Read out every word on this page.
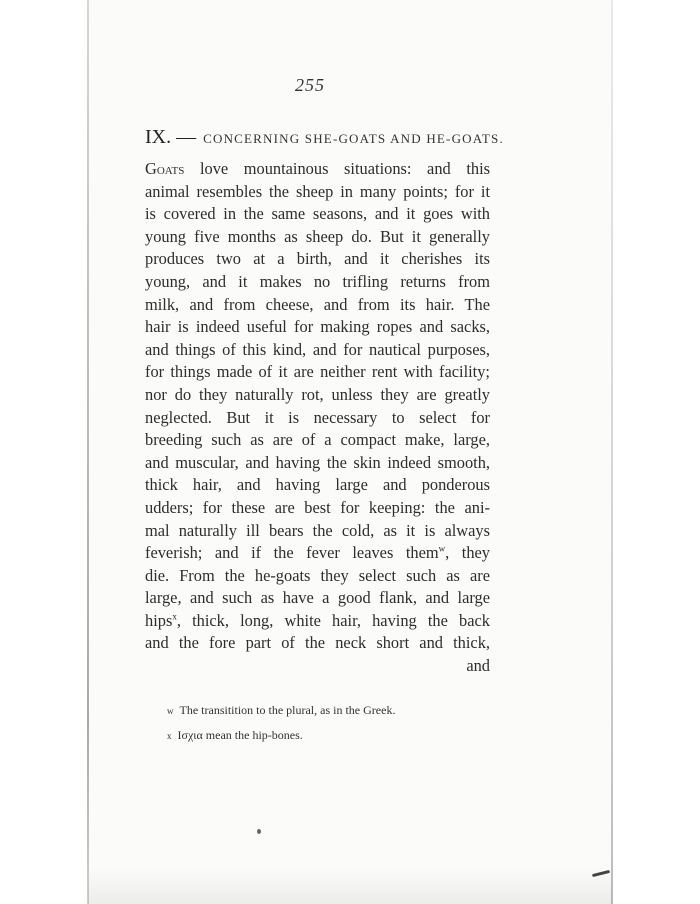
255
IX. — CONCERNING SHE-GOATS AND HE-GOATS.
Goats love mountainous situations: and this
animal resembles the sheep in many points; for it
is covered in the same seasons, and it goes with
young five months as sheep do. But it generally
produces two at a birth, and it cherishes its
young, and it makes no trifling returns from
milk, and from cheese, and from its hair. The
hair is indeed useful for making ropes and sacks,
and things of this kind, and for nautical purposes,
for things made of it are neither rent with facility;
nor do they naturally rot, unless they are greatly
neglected. But it is necessary to select for
breeding such as are of a compact make, large,
and muscular, and having the skin indeed smooth,
thick hair, and having large and ponderous
udders; for these are best for keeping: the ani-
mal naturally ill bears the cold, as it is always
feverish; and if the fever leaves them$^w$, they
die. From the he-goats they select such as are
large, and such as have a good flank, and large
hips$^x$, thick, long, white hair, having the back
and the fore part of the neck short and thick,
and
w The transitition to the plural, as in the Greek.
x Ισχια mean the hip-bones.
